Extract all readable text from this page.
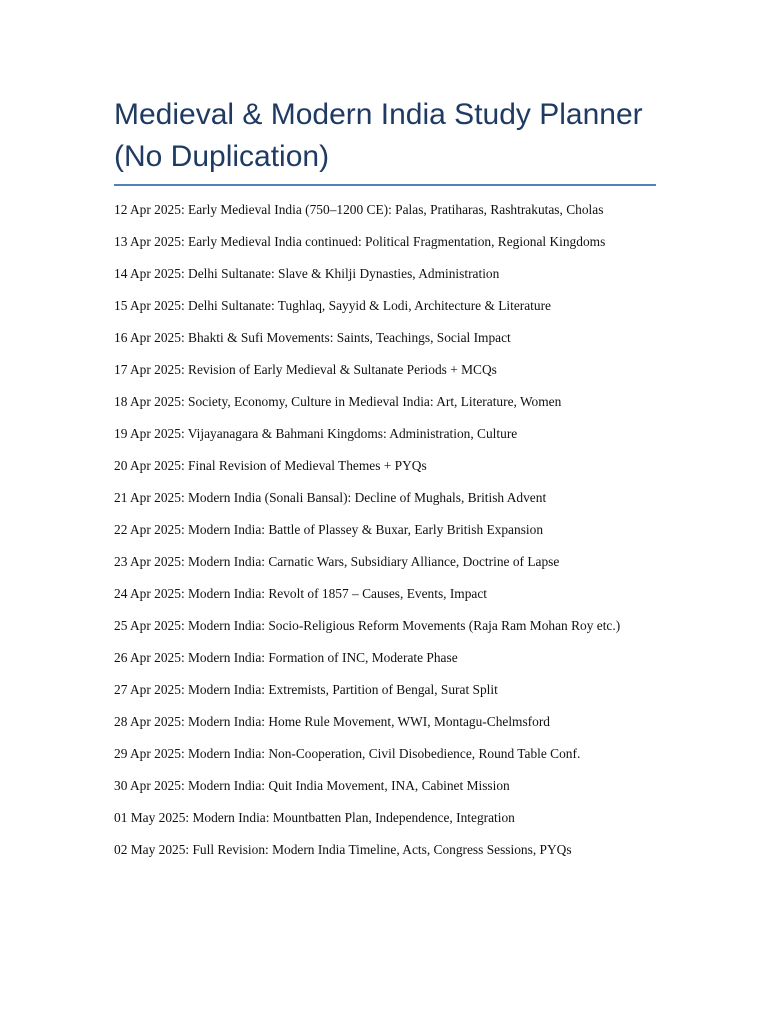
Medieval & Modern India Study Planner (No Duplication)
12 Apr 2025: Early Medieval India (750–1200 CE): Palas, Pratiharas, Rashtrakutas, Cholas
13 Apr 2025: Early Medieval India continued: Political Fragmentation, Regional Kingdoms
14 Apr 2025: Delhi Sultanate: Slave & Khilji Dynasties, Administration
15 Apr 2025: Delhi Sultanate: Tughlaq, Sayyid & Lodi, Architecture & Literature
16 Apr 2025: Bhakti & Sufi Movements: Saints, Teachings, Social Impact
17 Apr 2025: Revision of Early Medieval & Sultanate Periods + MCQs
18 Apr 2025: Society, Economy, Culture in Medieval India: Art, Literature, Women
19 Apr 2025: Vijayanagara & Bahmani Kingdoms: Administration, Culture
20 Apr 2025: Final Revision of Medieval Themes + PYQs
21 Apr 2025: Modern India (Sonali Bansal): Decline of Mughals, British Advent
22 Apr 2025: Modern India: Battle of Plassey & Buxar, Early British Expansion
23 Apr 2025: Modern India: Carnatic Wars, Subsidiary Alliance, Doctrine of Lapse
24 Apr 2025: Modern India: Revolt of 1857 – Causes, Events, Impact
25 Apr 2025: Modern India: Socio-Religious Reform Movements (Raja Ram Mohan Roy etc.)
26 Apr 2025: Modern India: Formation of INC, Moderate Phase
27 Apr 2025: Modern India: Extremists, Partition of Bengal, Surat Split
28 Apr 2025: Modern India: Home Rule Movement, WWI, Montagu-Chelmsford
29 Apr 2025: Modern India: Non-Cooperation, Civil Disobedience, Round Table Conf.
30 Apr 2025: Modern India: Quit India Movement, INA, Cabinet Mission
01 May 2025: Modern India: Mountbatten Plan, Independence, Integration
02 May 2025: Full Revision: Modern India Timeline, Acts, Congress Sessions, PYQs
